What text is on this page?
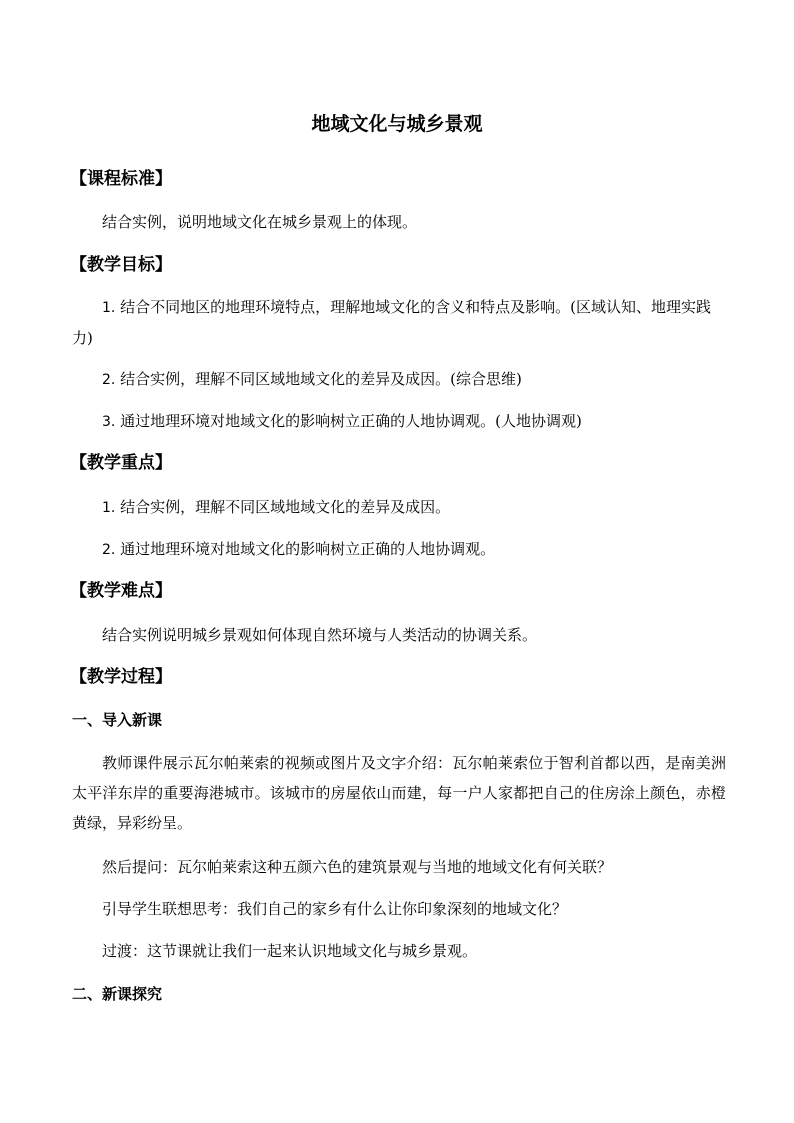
地域文化与城乡景观
【课程标准】
结合实例，说明地域文化在城乡景观上的体现。
【教学目标】
1. 结合不同地区的地理环境特点，理解地域文化的含义和特点及影响。(区域认知、地理实践力)
2. 结合实例，理解不同区域地域文化的差异及成因。(综合思维)
3. 通过地理环境对地域文化的影响树立正确的人地协调观。(人地协调观)
【教学重点】
1. 结合实例，理解不同区域地域文化的差异及成因。
2. 通过地理环境对地域文化的影响树立正确的人地协调观。
【教学难点】
结合实例说明城乡景观如何体现自然环境与人类活动的协调关系。
【教学过程】
一、导入新课
教师课件展示瓦尔帕莱索的视频或图片及文字介绍：瓦尔帕莱索位于智利首都以西，是南美洲太平洋东岸的重要海港城市。该城市的房屋依山而建，每一户人家都把自己的住房涂上颜色，赤橙黄绿，异彩纷呈。
然后提问：瓦尔帕莱索这种五颜六色的建筑景观与当地的地域文化有何关联？
引导学生联想思考：我们自己的家乡有什么让你印象深刻的地域文化？
过渡：这节课就让我们一起来认识地域文化与城乡景观。
二、新课探究
